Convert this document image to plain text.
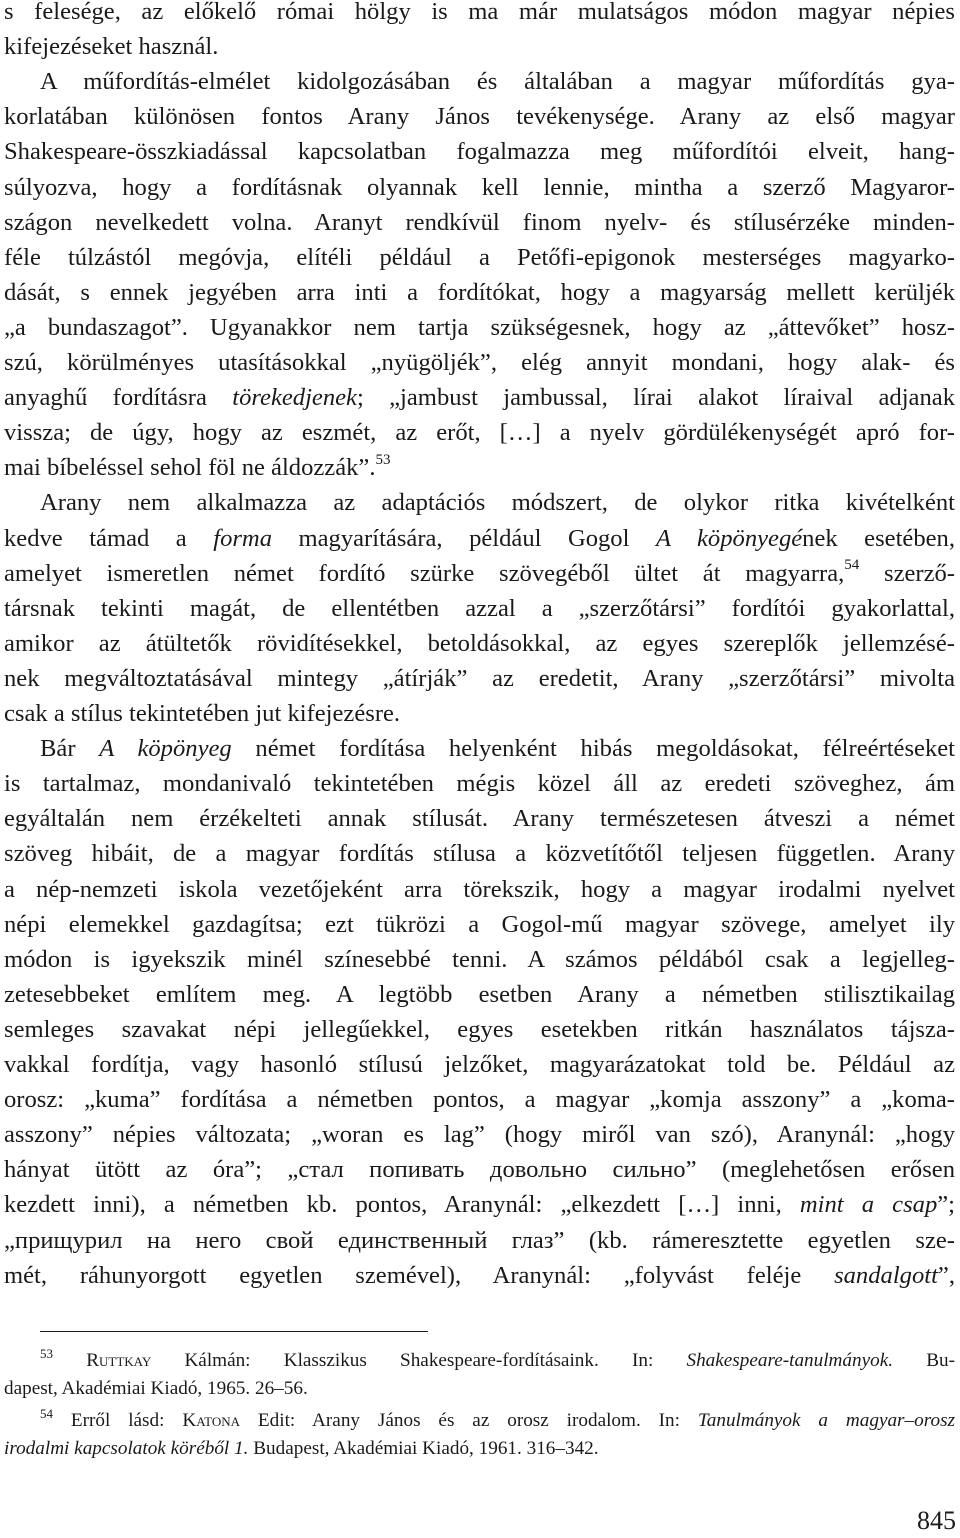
s felesége, az előkelő római hölgy is ma már mulatságos módon magyar népies
kifejezéseket használ.
A műfordítás-elmélet kidolgozásában és általában a magyar műfordítás gya-
korlatában különösen fontos Arany János tevékenysége. Arany az első magyar
Shakespeare-összkiadással kapcsolatban fogalmazza meg műfordítói elveit, hang-
súlyozva, hogy a fordításnak olyannak kell lennie, mintha a szerző Magyaror-
szágon nevelkedett volna. Aranyt rendkívül finom nyelv- és stílusérzéke minden-
féle túlzástól megóvja, elítéli például a Petőfi-epigonok mesterséges magyarko-
dását, s ennek jegyében arra inti a fordítókat, hogy a magyarság mellett kerüljék
„a bundaszagot”. Ugyanakkor nem tartja szükségesnek, hogy az „áttevőket” hosz-
szú, körülményes utasításokkal „nyügöljék”, elég annyit mondani, hogy alak- és
anyaghű fordításra törekedjenek; „jambust jambussal, lírai alakot líraival adjanak
vissza; de úgy, hogy az eszmét, az erőt, […] a nyelv gördülékenységét apró for-
mai bíbeléssel sehol föl ne áldozzák”.$^{53}$
Arany nem alkalmazza az adaptációs módszert, de olykor ritka kivételként
kedve támad a forma magyarítására, például Gogol A köpönyegének esetében,
amelyet ismeretlen német fordító szürke szövegéből ültet át magyarra,$^{54}$ szerző-
társnak tekinti magát, de ellentétben azzal a „szerzőtársi” fordítói gyakorlattal,
amikor az átültetők rövidítésekkel, betoldásokkal, az egyes szereplők jellemzésé-
nek megváltoztatásával mintegy „átírják” az eredetit, Arany „szerzőtársi” mivolta
csak a stílus tekintetében jut kifejezésre.
Bár A köpönyeg német fordítása helyenként hibás megoldásokat, félreértéseket
is tartalmaz, mondanivaló tekintetében mégis közel áll az eredeti szöveghez, ám
egyáltalán nem érzékelteti annak stílusát. Arany természetesen átveszi a német
szöveg hibáit, de a magyar fordítás stílusa a közvetítőtől teljesen független. Arany
a nép-nemzeti iskola vezetőjeként arra törekszik, hogy a magyar irodalmi nyelvet
népi elemekkel gazdagítsa; ezt tükrözi a Gogol-mű magyar szövege, amelyet ily
módon is igyekszik minél színesebbé tenni. A számos példából csak a legjelleg-
zetesebbeket említem meg. A legtöbb esetben Arany a németben stilisztikailag
semleges szavakat népi jellegűekkel, egyes esetekben ritkán használatos tájsza-
vakkal fordítja, vagy hasonló stílusú jelzőket, magyarázatokat told be. Például az
orosz: „kuma” fordítása a németben pontos, a magyar „komja asszony” a „koma-
asszony” népies változata; „woran es lag” (hogy miről van szó), Aranynál: „hogy
hányat ütött az óra”; „стал попивать довольно сильно” (meglehetősen erősen
kezdett inni), a németben kb. pontos, Aranynál: „elkezdett […] inni, mint a csap”;
„прищурил на него свой единственный глаз” (kb. rámeresztette egyetlen sze-
mét, ráhunyorgott egyetlen szemével), Aranynál: „folyvást feléje sandalgott”,
$^{53}$ Ruttkay Kálmán: Klasszikus Shakespeare-fordításaink. In: Shakespeare-tanulmányok. Bu-
dapest, Akadémiai Kiadó, 1965. 26–56.
$^{54}$ Erről lásd: Katona Edit: Arany János és az orosz irodalom. In: Tanulmányok a magyar–orosz
irodalmi kapcsolatok köréből 1. Budapest, Akadémiai Kiadó, 1961. 316–342.
845
